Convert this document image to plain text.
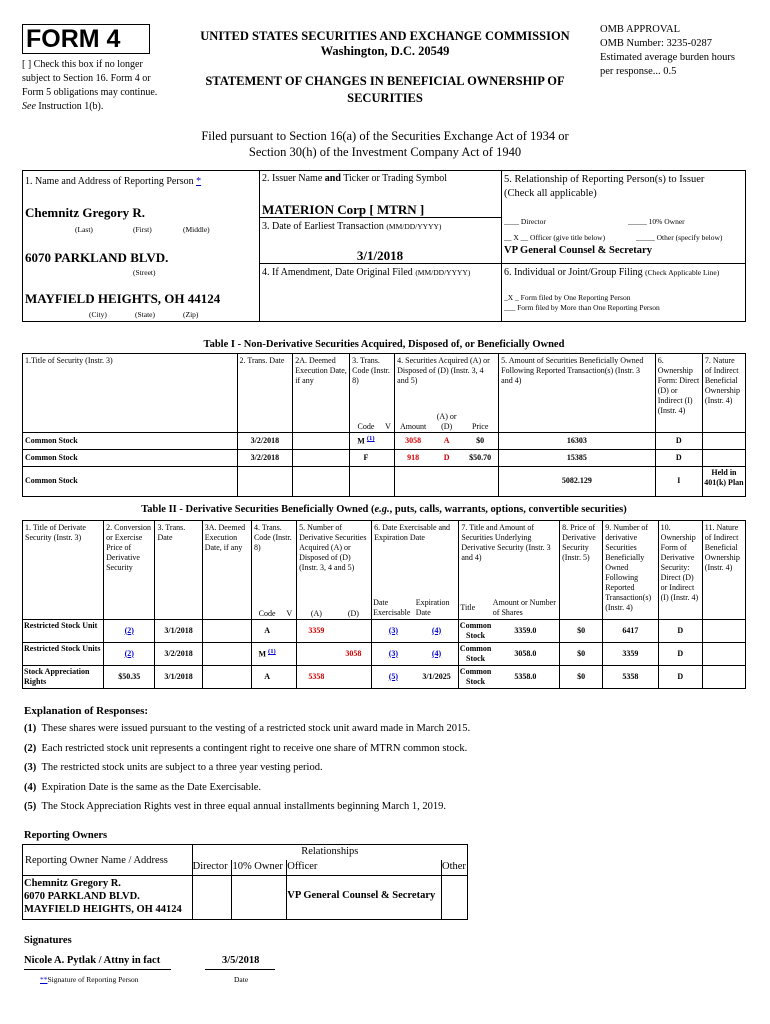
FORM 4
[ ] Check this box if no longer subject to Section 16. Form 4 or Form 5 obligations may continue. See Instruction 1(b).
UNITED STATES SECURITIES AND EXCHANGE COMMISSION
Washington, D.C. 20549
STATEMENT OF CHANGES IN BENEFICIAL OWNERSHIP OF SECURITIES
OMB APPROVAL
OMB Number: 3235-0287
Estimated average burden hours per response... 0.5
Filed pursuant to Section 16(a) of the Securities Exchange Act of 1934 or
Section 30(h) of the Investment Company Act of 1940
1. Name and Address of Reporting Person *
Chemnitz Gregory R.
(Last)	(First)	(Middle)
6070 PARKLAND BLVD.
(Street)
MAYFIELD HEIGHTS, OH 44124
(City)	(State)	(Zip)
2. Issuer Name and Ticker or Trading Symbol
MATERION Corp [ MTRN ]
3. Date of Earliest Transaction (MM/DD/YYYY)
3/1/2018
4. If Amendment, Date Original Filed (MM/DD/YYYY)
5. Relationship of Reporting Person(s) to Issuer
(Check all applicable)
____ Director	_____ 10% Owner
__ X __ Officer (give title below)	_____ Other (specify below)
VP General Counsel & Secretary
6. Individual or Joint/Group Filing (Check Applicable Line)
_X _ Form filed by One Reporting Person
___ Form filed by More than One Reporting Person
Table I - Non-Derivative Securities Acquired, Disposed of, or Beneficially Owned
1.Title of Security (Instr. 3)	2. Trans. Date	2A. Deemed Execution Date, if any	3. Trans. Code (Instr. 8)		4. Securities Acquired (A) or Disposed of (D) (Instr. 3, 4 and 5)			5. Amount of Securities Beneficially Owned Following Reported Transaction(s) (Instr. 3 and 4)	6. Ownership Form: Direct (D) or Indirect (I) (Instr. 4)	7. Nature of Indirect Beneficial Ownership (Instr. 4)
			Code	V	Amount	(A) or (D)	Price			
Common Stock	3/2/2018		M $^{(1)}$		3058	A	$0	16303	D	
Common Stock	3/2/2018		F		918	D	$50.70	15385	D	
Common Stock								5082.129	I	Held in 401(k) Plan
Table II - Derivative Securities Beneficially Owned (e.g., puts, calls, warrants, options, convertible securities)
1. Title of Derivate Security (Instr. 3)	2. Conversion or Exercise Price of Derivative Security	3. Trans. Date	3A. Deemed Execution Date, if any	4. Trans. Code (Instr. 8)		5. Number of Derivative Securities Acquired (A) or Disposed of (D) (Instr. 3, 4 and 5)		6. Date Exercisable and Expiration Date		7. Title and Amount of Securities Underlying Derivative Security (Instr. 3 and 4)		8. Price of Derivative Security (Instr. 5)	9. Number of derivative Securities Beneficially Owned Following Reported Transaction(s) (Instr. 4)	10. Ownership Form of Derivative Security: Direct (D) or Indirect (I) (Instr. 4)	11. Nature of Indirect Beneficial Ownership (Instr. 4)
				Code	V	(A)	(D)	Date Exercisable	Expiration Date	Title	Amount or Number of Shares				
Restricted Stock Unit	(2)	3/1/2018		A		3359		(3)	(4)	Common Stock	3359.0	$0	6417	D	
Restricted Stock Units	(2)	3/2/2018		M $^{(1)}$			3058	(3)	(4)	Common Stock	3058.0	$0	3359	D	
Stock Appreciation Rights	$50.35	3/1/2018		A		5358		(5)	3/1/2025	Common Stock	5358.0	$0	5358	D	
Explanation of Responses:
(1) These shares were issued pursuant to the vesting of a restricted stock unit award made in March 2015.
(2) Each restricted stock unit represents a contingent right to receive one share of MTRN common stock.
(3) The restricted stock units are subject to a three year vesting period.
(4) Expiration Date is the same as the Date Exercisable.
(5) The Stock Appreciation Rights vest in three equal annual installments beginning March 1, 2019.
Reporting Owners
Reporting Owner Name / Address	Relationships			
	Director	10% Owner	Officer	Other

Chemnitz Gregory R.
6070 PARKLAND BLVD.
MAYFIELD HEIGHTS, OH 44124			VP General Counsel & Secretary	
Signatures
Nicole A. Pytlak / Attny in fact	3/5/2018
**Signature of Reporting Person	Date
